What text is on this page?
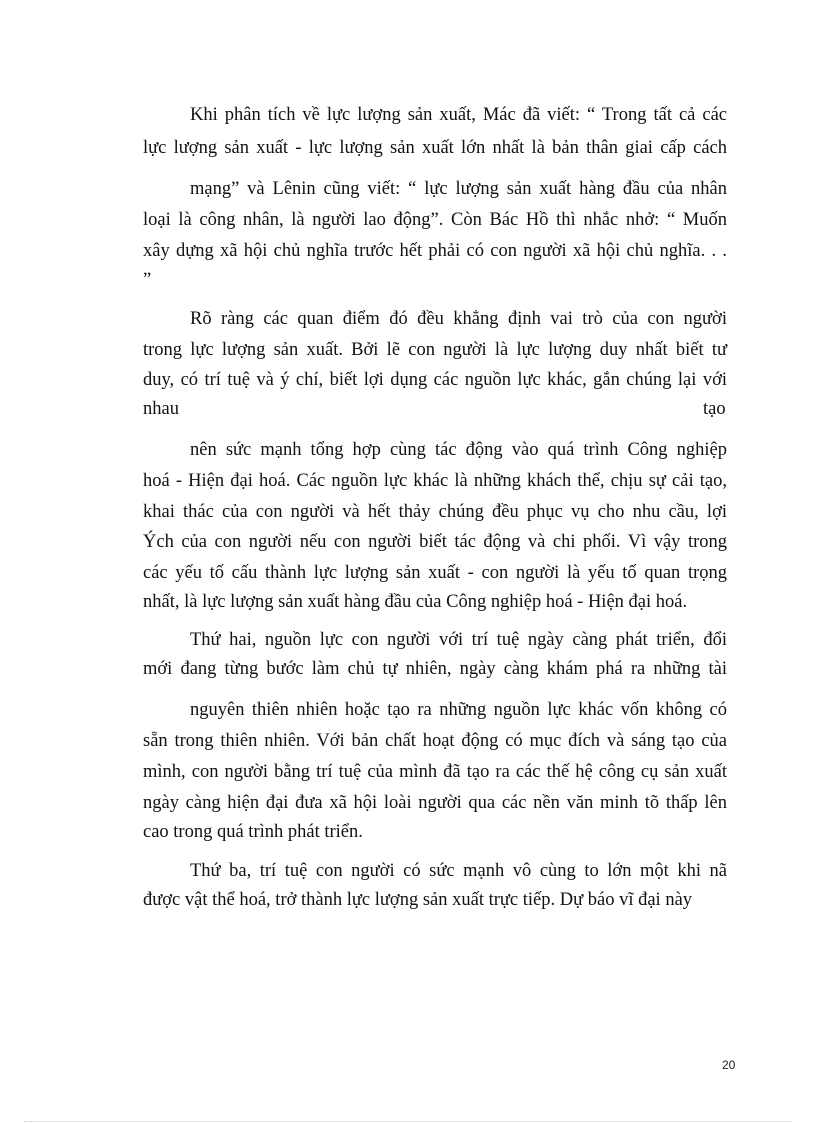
Khi phân tích về lực lượng sản xuất, Mác đã viết: “ Trong tất cả các
lực lượng sản xuất - lực lượng sản xuất lớn nhất là bản thân giai cấp cách
mạng” và Lênin cũng viết: “ lực lượng sản xuất hàng đầu của nhân
loại là công nhân, là người lao động”. Còn Bác Hồ thì nhắc nhở: “ Muốn
xây dựng xã hội chủ nghĩa trước hết phải có con người xã hội chủ nghĩa. . .
”
Rõ ràng các quan điểm đó đều khẳng định vai trò của con người
trong lực lượng sản xuất. Bởi lẽ con người là lực lượng duy nhất biết tư
duy, có trí tuệ và ý chí, biết lợi dụng các nguồn lực khác, gắn chúng lại với
nhau	tạo
nên sức mạnh tổng hợp cùng tác động vào quá trình Công nghiệp
hoá - Hiện đại hoá. Các nguồn lực khác là những khách thể, chịu sự cải tạo,
khai thác của con người và hết thảy chúng đều phục vụ cho nhu cầu, lợi
Ých của con người nếu con người biết tác động và chi phối. Vì vậy trong
các yếu tố cấu thành lực lượng sản xuất - con người là yếu tố quan trọng
nhất, là lực lượng sản xuất hàng đầu của Công nghiệp hoá - Hiện đại hoá.
Thứ hai, nguồn lực con người với trí tuệ ngày càng phát triển, đổi
mới đang từng bước làm chủ tự nhiên, ngày càng khám phá ra những tài
nguyên thiên nhiên hoặc tạo ra những nguồn lực khác vốn không có
sẵn trong thiên nhiên. Với bản chất hoạt động có mục đích và sáng tạo của
mình, con người bằng trí tuệ của mình đã tạo ra các thế hệ công cụ sản xuất
ngày càng hiện đại đưa xã hội loài người qua các nền văn minh tõ thấp lên
cao trong quá trình phát triển.
Thứ ba, trí tuệ con người có sức mạnh vô cùng to lớn một khi nã
được vật thể hoá, trở thành lực lượng sản xuất trực tiếp. Dự báo vĩ đại này
20
